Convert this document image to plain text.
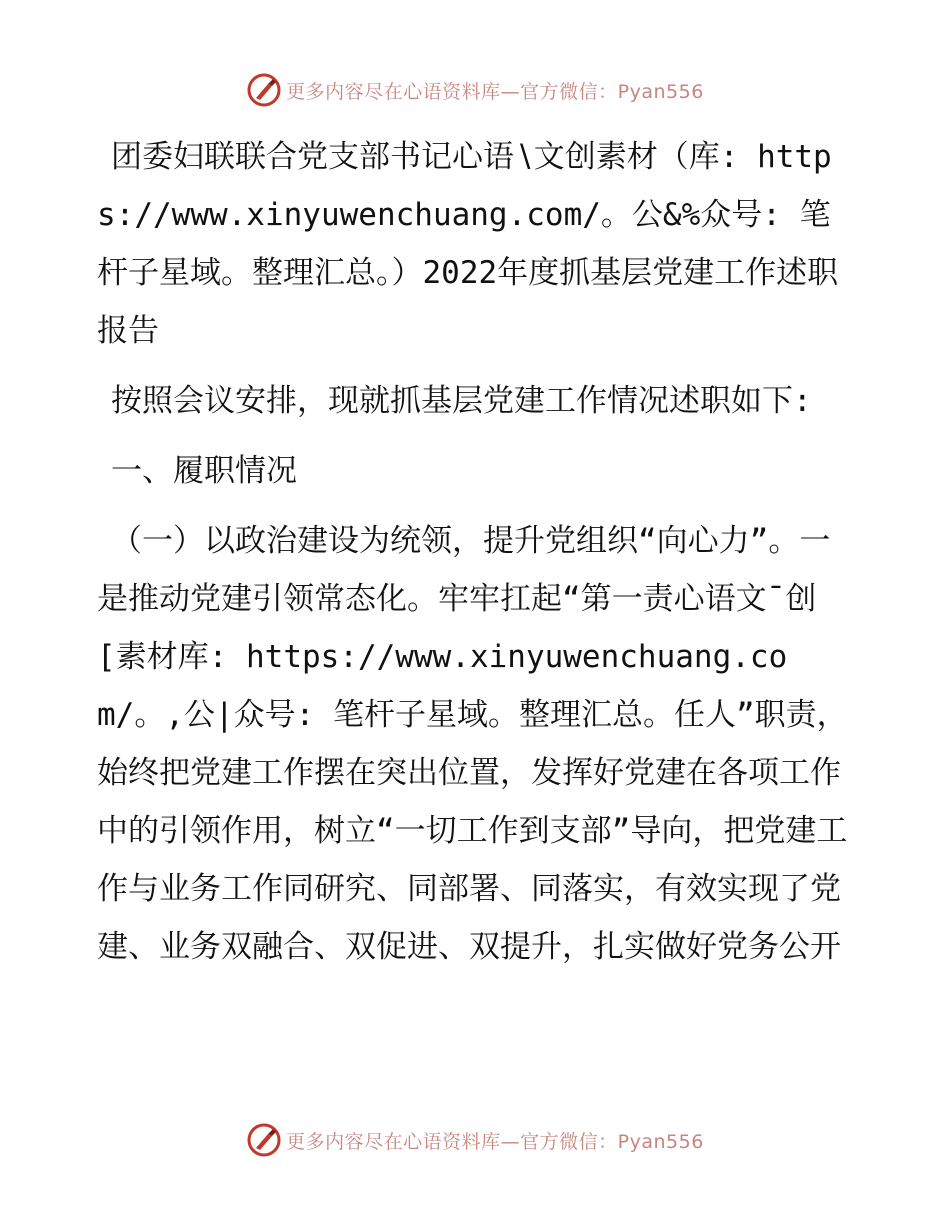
更多内容尽在心语资料库—官方微信：Pyan556

团委妇联联合党支部书记心语∖文创素材（库: https://www.xinyuwenchuang.com/。公&%众号: 笔杆子星域。整理汇总。）2022年度抓基层党建工作述职报告

按照会议安排，现就抓基层党建工作情况述职如下:

一、履职情况

（一）以政治建设为统领，提升党组织“向心力”。一是推动党建引领常态化。牢牢扛起“第一责心语文¯创[素材库: https://www.xinyuwenchuang.com/。,公|众号: 笔杆子星域。整理汇总。任人”职责，始终把党建工作摆在突出位置，发挥好党建在各项工作中的引领作用，树立“一切工作到支部”导向，把党建工作与业务工作同研究、同部署、同落实，有效实现了党建、业务双融合、双促进、双提升，扎实做好党务公开

更多内容尽在心语资料库—官方微信：Pyan556
